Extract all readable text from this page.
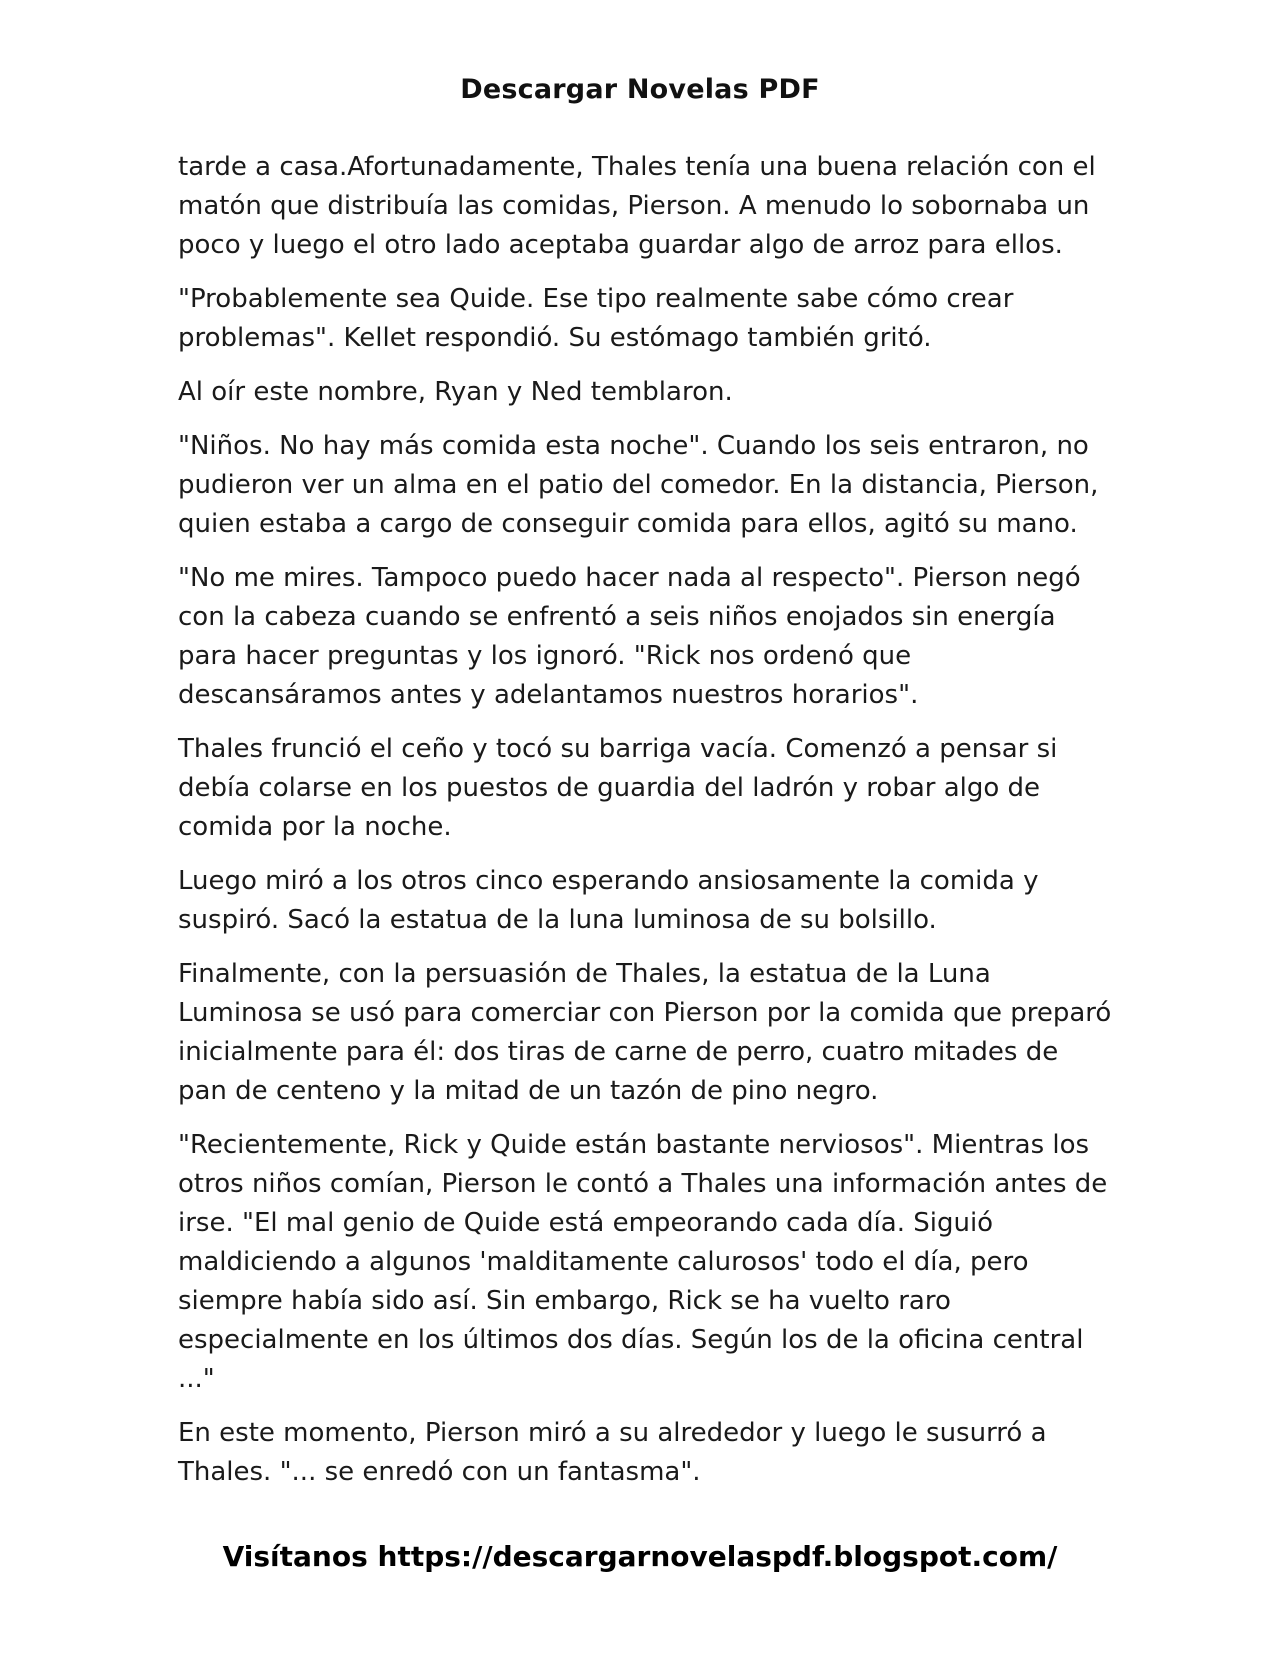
Descargar Novelas PDF

tarde a casa.Afortunadamente, Thales tenía una buena relación con el matón que distribuía las comidas, Pierson. A menudo lo sobornaba un poco y luego el otro lado aceptaba guardar algo de arroz para ellos.

"Probablemente sea Quide. Ese tipo realmente sabe cómo crear problemas". Kellet respondió. Su estómago también gritó.

Al oír este nombre, Ryan y Ned temblaron.

"Niños. No hay más comida esta noche". Cuando los seis entraron, no pudieron ver un alma en el patio del comedor. En la distancia, Pierson, quien estaba a cargo de conseguir comida para ellos, agitó su mano.

"No me mires. Tampoco puedo hacer nada al respecto". Pierson negó con la cabeza cuando se enfrentó a seis niños enojados sin energía para hacer preguntas y los ignoró. "Rick nos ordenó que descansáramos antes y adelantamos nuestros horarios".

Thales frunció el ceño y tocó su barriga vacía. Comenzó a pensar si debía colarse en los puestos de guardia del ladrón y robar algo de comida por la noche.

Luego miró a los otros cinco esperando ansiosamente la comida y suspiró. Sacó la estatua de la luna luminosa de su bolsillo.

Finalmente, con la persuasión de Thales, la estatua de la Luna Luminosa se usó para comerciar con Pierson por la comida que preparó inicialmente para él: dos tiras de carne de perro, cuatro mitades de pan de centeno y la mitad de un tazón de pino negro.

"Recientemente, Rick y Quide están bastante nerviosos". Mientras los otros niños comían, Pierson le contó a Thales una información antes de irse. "El mal genio de Quide está empeorando cada día. Siguió maldiciendo a algunos 'malditamente calurosos' todo el día, pero siempre había sido así. Sin embargo, Rick se ha vuelto raro especialmente en los últimos dos días. Según los de la oficina central ..."

En este momento, Pierson miró a su alrededor y luego le susurró a Thales. "... se enredó con un fantasma".

Visítanos https://descargarnovelaspdf.blogspot.com/
